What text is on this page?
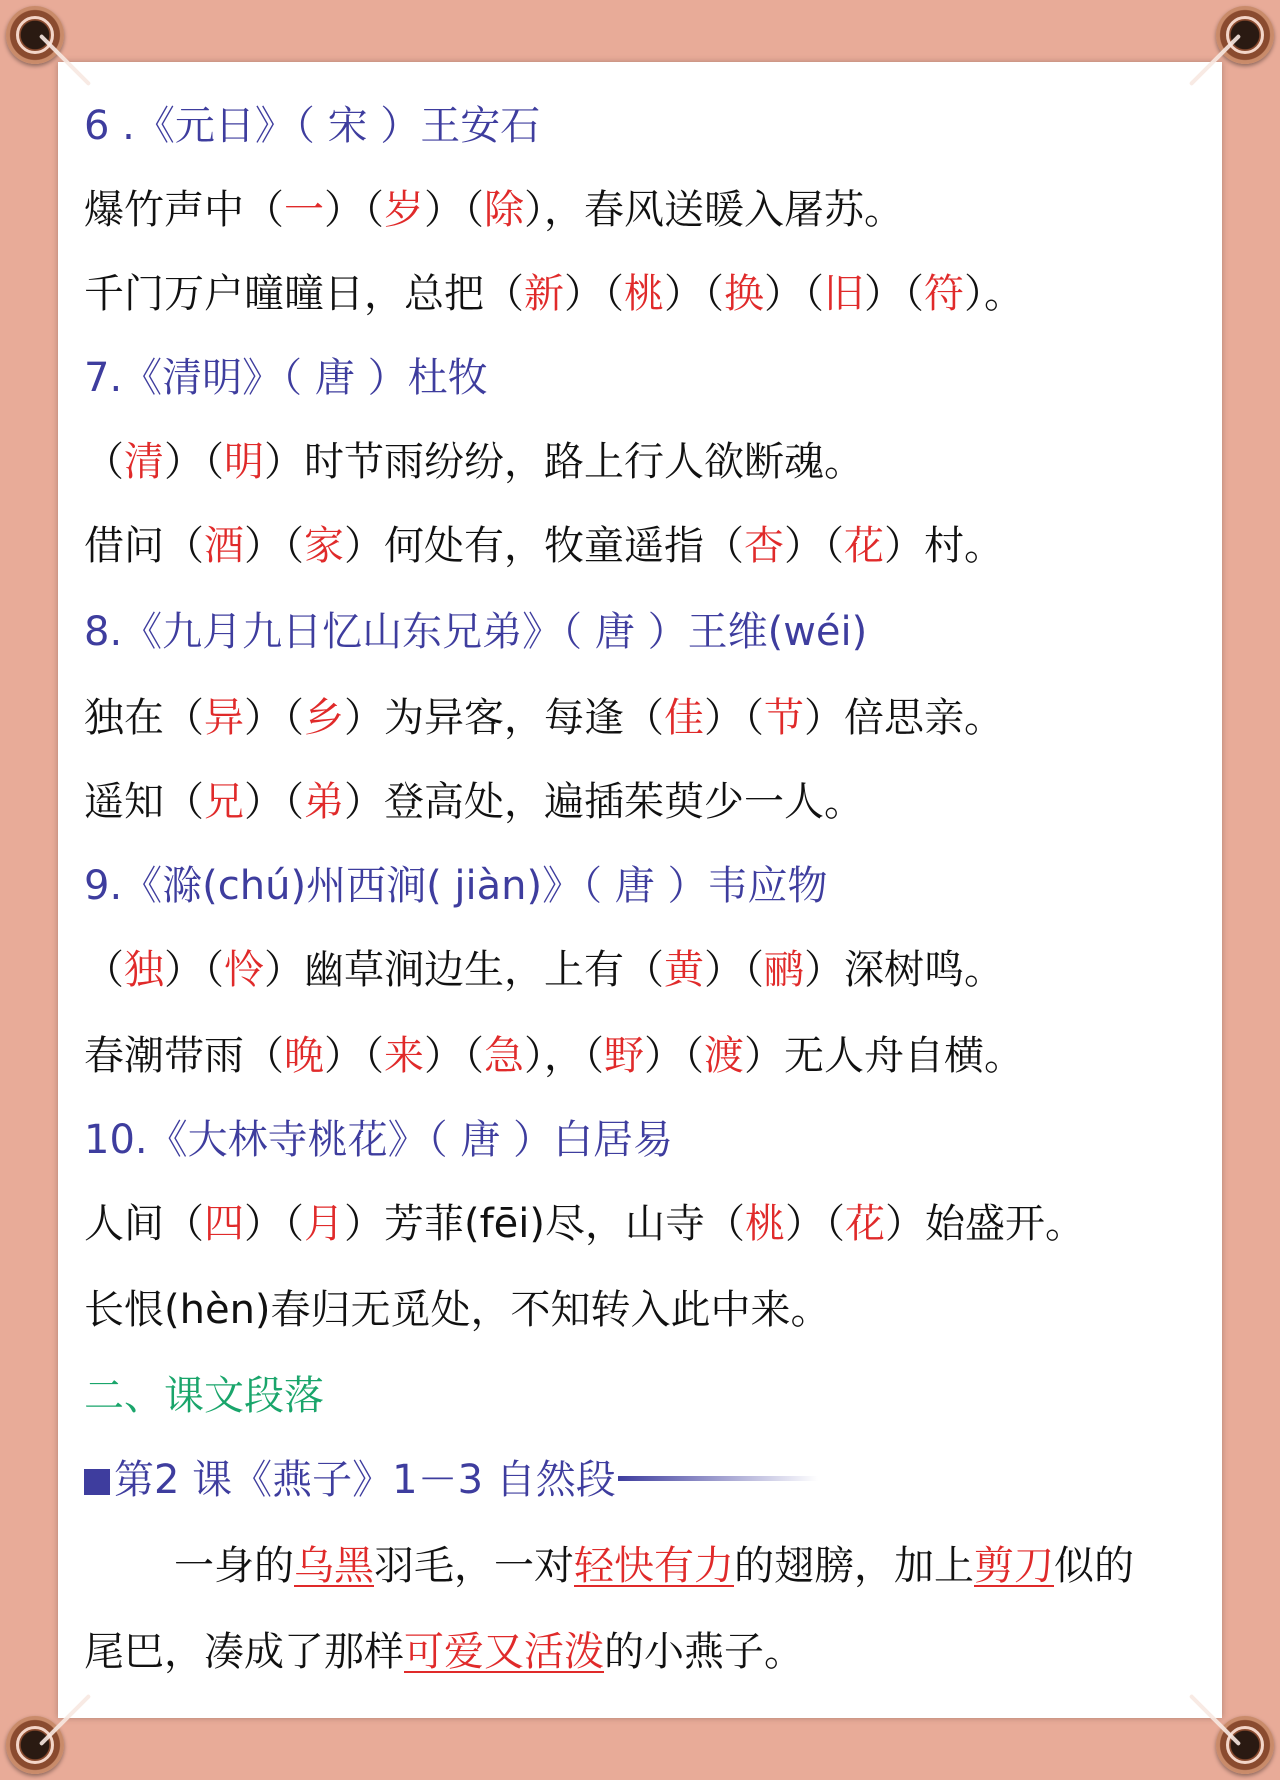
6 .《元日》（ 宋 ）王安石
爆竹声中（一）（岁）（除），春风送暖入屠苏。
千门万户曈曈日，总把（新）（桃）（换）（旧）（符）。
7.《清明》（ 唐 ）杜牧
（清）（明）时节雨纷纷，路上行人欲断魂。
借问（酒）（家）何处有，牧童遥指（杏）（花）村。
8.《九月九日忆山东兄弟》（ 唐 ）王维(wéi)
独在（异）（乡）为异客，每逢（佳）（节）倍思亲。
遥知（兄）（弟）登高处，遍插茱萸少一人。
9.《滁(chú)州西涧( jiàn)》（ 唐 ）韦应物
（独）（怜）幽草涧边生，上有（黄）（鹂）深树鸣。
春潮带雨（晚）（来）（急），（野）（渡）无人舟自横。
10.《大林寺桃花》（ 唐 ）白居易
人间（四）（月）芳菲(fēi)尽，山寺（桃）（花）始盛开。
长恨(hèn)春归无觅处，不知转入此中来。
二、课文段落
第2 课《燕子》1－3 自然段
一身的乌黑羽毛，一对轻快有力的翅膀，加上剪刀似的
尾巴，凑成了那样可爱又活泼的小燕子。
